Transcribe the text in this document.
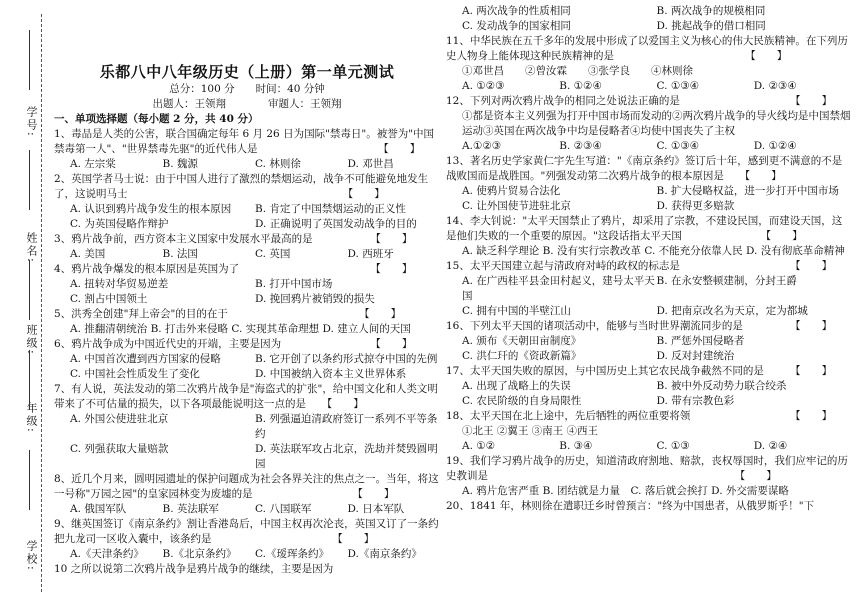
学号:
姓名:
班级:
年级:
学校:
乐都八中八年级历史（上册）第一单元测试
总分：100 分　　时间：40 分钟
出题人：王领翔　　　　审题人：王领翔
一、单项选择题（每小题 2 分，共 40 分）
1、毒品是人类的公害，联合国确定每年 6 月 26 日为国际"禁毒日"。被誉为"中国禁毒第一人"、"世界禁毒先驱"的近代伟人是　　　　　　　　　　　　【　　】
A. 左宗棠	B. 魏源	C. 林则徐	D. 邓世昌
2、英国学者马士说：由于中国人进行了激烈的禁烟运动，战争不可能避免地发生了，这说明马士　　　　　　　　　　　　　　　　　　　　　【　　】
A. 认识到鸦片战争发生的根本原因	B. 肯定了中国禁烟运动的正义性
C. 为英国侵略作辩护	D. 正确说明了英国发动战争的目的
3、鸦片战争前，西方资本主义国家中发展水平最高的是　　　　　　【　　】
A. 美国	B. 法国	C. 英国	D. 西班牙
4、鸦片战争爆发的根本原因是英国为了　　　　　　　　　　　　　【　　】
A. 扭转对华贸易逆差	B. 打开中国市场
C. 割占中国领土	D. 挽回鸦片被销毁的损失
5、洪秀全创建"拜上帝会"的目的在于　　　　　　　　　　　　　【　　】
A. 推翻清朝统治 B. 打击外来侵略 C. 实现其革命理想 D. 建立人间的天国
6、鸦片战争成为中国近代史的开端，主要是因为　　　　　　　　　【　　】
A. 中国首次遭到西方国家的侵略	B. 它开创了以条约形式掠夺中国的先例
C. 中国社会性质发生了变化	D. 中国被纳入资本主义世界体系
7、有人说，英法发动的第二次鸦片战争是"海盗式的扩张"，给中国文化和人类文明带来了不可估量的损失，以下各项最能说明这一点的是　　【　　】
A. 外国公使进驻北京	B. 列强逼迫清政府签订一系列不平等条约
C. 列强获取大量赔款	D. 英法联军攻占北京，洗劫并焚毁圆明园
8、近几个月来，圆明园遗址的保护问题成为社会各界关注的焦点之一。当年，将这一号称"万园之园"的皇家园林变为废墟的是　　　　　　　　　　【　　】
A. 俄国军队	B. 英法联军	C. 八国联军	D. 日本军队
9、继英国签订《南京条约》割让香港岛后，中国主权再次沦丧，英国又订了一条约把九龙司一区收入囊中，该条约是　　　　　　　　　　　　【　　】
A.《天津条约》	B.《北京条约》	C.《瑷珲条约》	D.《南京条约》
10 之所以说第二次鸦片战争是鸦片战争的继续，主要是因为
A. 两次战争的性质相同	B. 两次战争的规模相同
C. 发动战争的国家相同	D. 挑起战争的借口相同
11、中华民族在五千多年的发展中形成了以爱国主义为核心的伟大民族精神。在下列历史人物身上能体现这种民族精神的是　　　　　　　　　　　　　【　　】
①邓世昌　　②曾汝霖　　③张学良　　④林则徐
A. ①②③	B. ①②④	C. ①③④	D. ②③④
12、下列对两次鸦片战争的相同之处说法正确的是　　　　　　　　　　　【　　】
①都是资本主义列强为打开中国市场而发动的②两次鸦片战争的导火线均是中国禁烟运动③英国在两次战争中均是侵略者④均使中国丧失了主权
A.①②③	B. ②③④	C. ①③④	D. ①②④
13、著名历史学家黄仁宇先生写道："《南京条约》签订后十年，感到更不满意的不是战败国而是战胜国。"列强发动第二次鸦片战争的根本原因是　　【　　】
A. 使鸦片贸易合法化	B. 扩大侵略权益，进一步打开中国市场
C. 让外国使节进驻北京	D. 获得更多赔款
14、李大钊说："太平天国禁止了鸦片，却采用了宗教，不建设民国，而建设天国，这是他们失败的一个重要的原因。"这段话指太平天国　　　　　　　　【　　】
A. 缺乏科学理论 B. 没有实行宗教改革 C. 不能充分依靠人民 D. 没有彻底革命精神
15、太平天国建立起与清政府对峙的政权的标志是　　　　　　　　　　　【　　】
A. 在广西桂平县金田村起义，建号太平天国
B. 在永安整顿建制，分封王爵
C. 拥有中国的半壁江山	D. 把南京改名为天京，定为都城
16、下列太平天国的诸项活动中，能够与当时世界潮流同步的是　　　　　【　　】
A. 颁布《天朝田亩制度》	B. 严惩外国侵略者
C. 洪仁玕的《资政新篇》	D. 反对封建统治
17、太平天国失败的原因，与中国历史上其它农民战争截然不同的是　　　【　　】
A. 出现了战略上的失误	B. 被中外反动势力联合绞杀
C. 农民阶级的自身局限性	D. 带有宗教色彩
18、太平天国在北上途中，先后牺牲的两位重要将领　　　　　　　　　　【　　】
①北王 ②翼王 ③南王 ④西王
A. ①②	B. ③④	C. ①③	D. ②④
19、我们学习鸦片战争的历史，知道清政府割地、赔款，丧权辱国时，我们应牢记的历史教训是　　　　　　　　　　　　　　　　　　　　　　　　【　　】
A. 鸦片危害严重 B. 团结就是力量　C. 落后就会挨打 D. 外交需要谋略
20、1841 年，林则徐在遣职迁乡时曾预言："终为中国患者，从俄罗斯乎！"下
